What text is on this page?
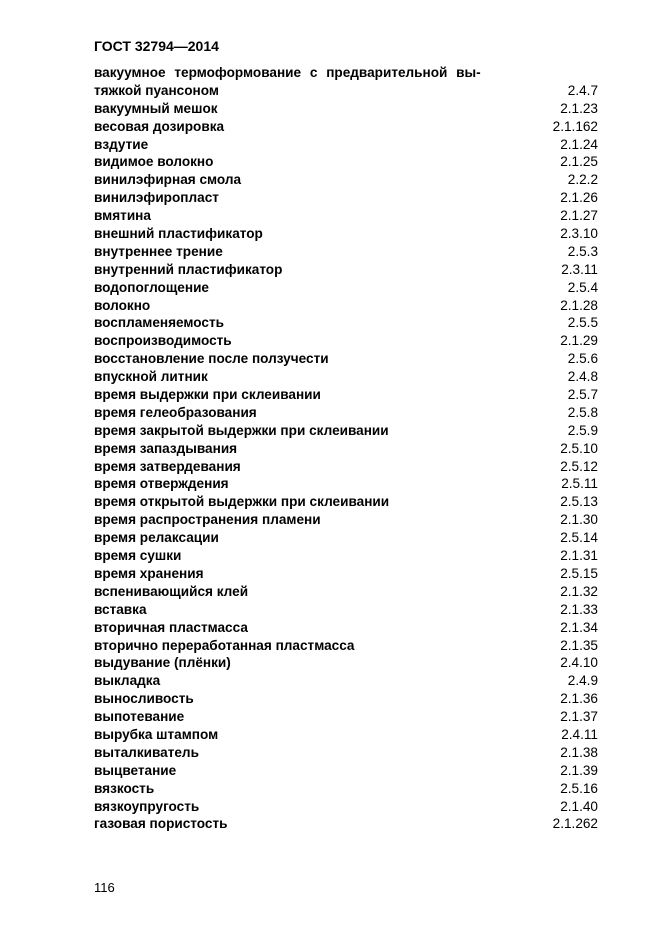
ГОСТ 32794—2014
вакуумное термоформование с предварительной вы-
тяжкой пуансоном	2.4.7
вакуумный мешок	2.1.23
весовая дозировка	2.1.162
вздутие	2.1.24
видимое волокно	2.1.25
винилэфирная смола	2.2.2
винилэфиропласт	2.1.26
вмятина	2.1.27
внешний пластификатор	2.3.10
внутреннее трение	2.5.3
внутренний пластификатор	2.3.11
водопоглощение	2.5.4
волокно	2.1.28
воспламеняемость	2.5.5
воспроизводимость	2.1.29
восстановление после ползучести	2.5.6
впускной литник	2.4.8
время выдержки при склеивании	2.5.7
время гелеобразования	2.5.8
время закрытой выдержки при склеивании	2.5.9
время запаздывания	2.5.10
время затвердевания	2.5.12
время отверждения	2.5.11
время открытой выдержки при склеивании	2.5.13
время распространения пламени	2.1.30
время релаксации	2.5.14
время сушки	2.1.31
время хранения	2.5.15
вспенивающийся клей	2.1.32
вставка	2.1.33
вторичная пластмасса	2.1.34
вторично переработанная пластмасса	2.1.35
выдувание (плёнки)	2.4.10
выкладка	2.4.9
выносливость	2.1.36
выпотевание	2.1.37
вырубка штампом	2.4.11
выталкиватель	2.1.38
выцветание	2.1.39
вязкость	2.5.16
вязкоупругость	2.1.40
газовая пористость	2.1.262
116
